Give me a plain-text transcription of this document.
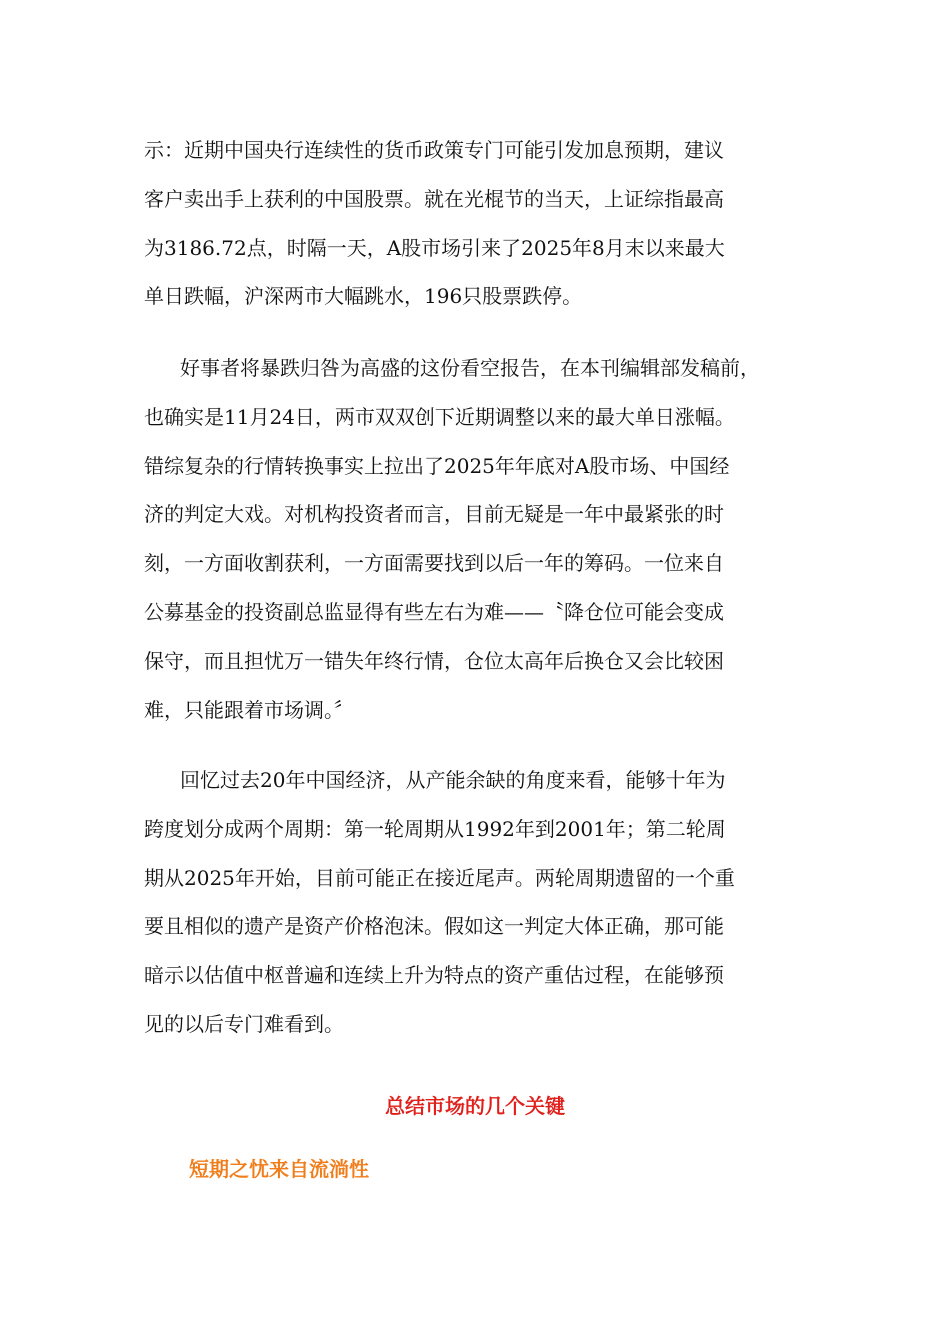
示：近期中国央行连续性的货币政策专门可能引发加息预期，建议
客户卖出手上获利的中国股票。就在光棍节的当天，上证综指最高
为3186.72点，时隔一天，A股市场引来了2025年8月末以来最大
单日跌幅，沪深两市大幅跳水，196只股票跌停。
好事者将暴跌归咎为高盛的这份看空报告，在本刊编辑部发稿前，
也确实是11月24日，两市双双创下近期调整以来的最大单日涨幅。
错综复杂的行情转换事实上拉出了2025年年底对A股市场、中国经
济的判定大戏。对机构投资者而言，目前无疑是一年中最紧张的时
刻，一方面收割获利，一方面需要找到以后一年的筹码。一位来自
公募基金的投资副总监显得有些左右为难——〝降仓位可能会变成
保守，而且担忧万一错失年终行情，仓位太高年后换仓又会比较困
难，只能跟着市场调。〞
回忆过去20年中国经济，从产能余缺的角度来看，能够十年为
跨度划分成两个周期：第一轮周期从1992年到2001年；第二轮周
期从2025年开始，目前可能正在接近尾声。两轮周期遗留的一个重
要且相似的遗产是资产价格泡沫。假如这一判定大体正确，那可能
暗示以估值中枢普遍和连续上升为特点的资产重估过程，在能够预
见的以后专门难看到。
总结市场的几个关键
短期之忧来自流淌性
